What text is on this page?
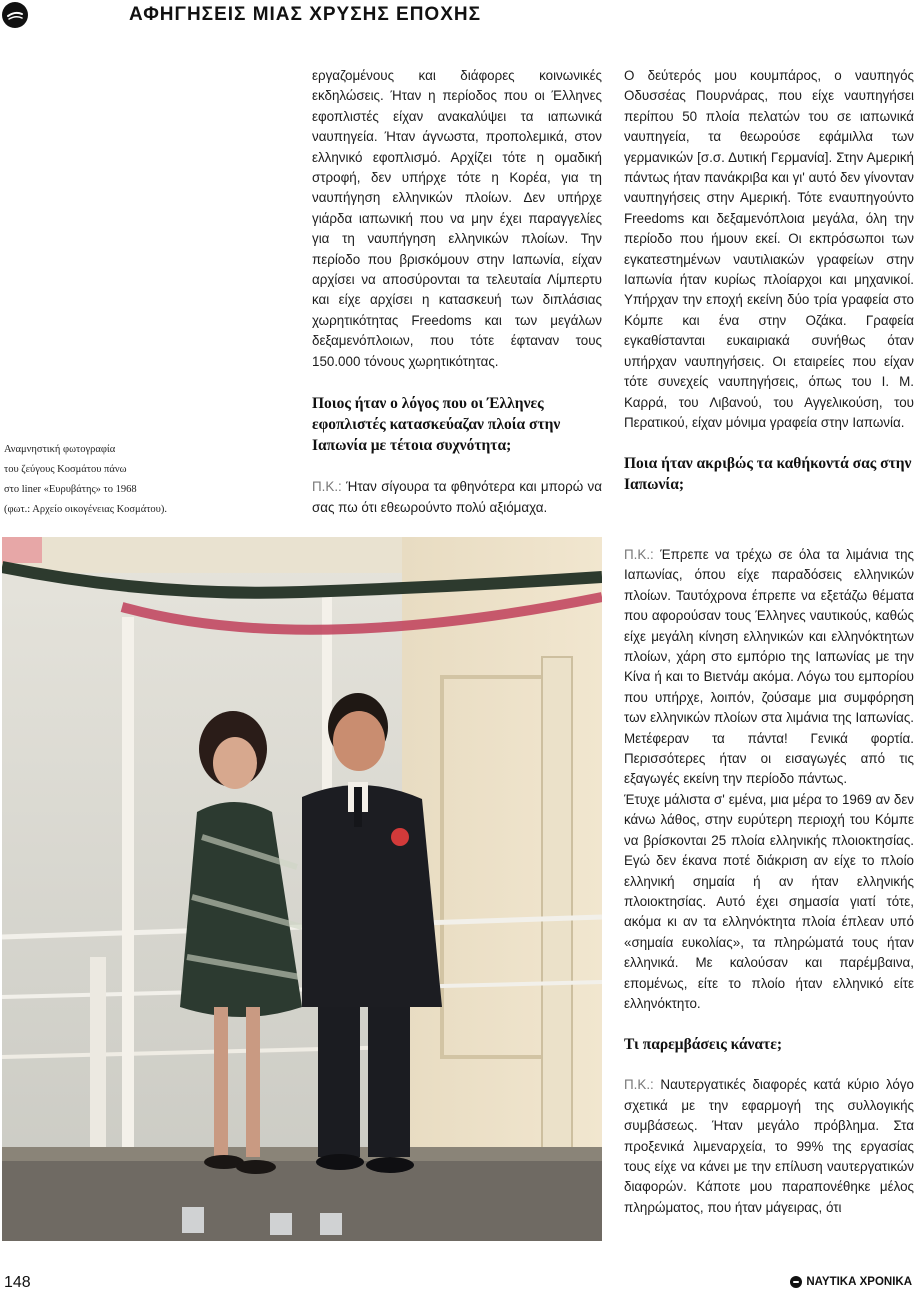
ΑΦΗΓΗΣΕΙΣ ΜΙΑΣ ΧΡΥΣΗΣ ΕΠΟΧΗΣ
Αναμνηστική φωτογραφία
του ζεύγους Κοσμάτου πάνω
στο liner «Ευρυβάτης» το 1968
(φωτ.: Αρχείο οικογένειας Κοσμάτου).

εργαζομένους και διάφορες κοινωνικές εκδηλώσεις. Ήταν η περίοδος που οι Έλληνες εφοπλιστές είχαν ανακαλύψει τα ιαπωνικά ναυπηγεία. Ήταν άγνωστα, προπολεμικά, στον ελληνικό εφοπλισμό. Αρχίζει τότε η ομαδική στροφή, δεν υπήρχε τότε η Κορέα, για τη ναυπήγηση ελληνικών πλοίων. Δεν υπήρχε γιάρδα ιαπωνική που να μην έχει παραγγελίες για τη ναυπήγηση ελληνικών πλοίων. Την περίοδο που βρισκόμουν στην Ιαπωνία, είχαν αρχίσει να αποσύρονται τα τελευταία Λίμπερτυ και είχε αρχίσει η κατασκευή των διπλάσιας χωρητικότητας Freedoms και των μεγάλων δεξαμενόπλοιων, που τότε έφταναν τους 150.000 τόνους χωρητικότητας.

Ποιος ήταν ο λόγος που οι Έλληνες εφοπλιστές κατασκεύαζαν πλοία στην Ιαπωνία με τέτοια συχνότητα;

Π.Κ.: Ήταν σίγουρα τα φθηνότερα και μπορώ να σας πω ότι εθεωρούντο πολύ αξιόμαχα.

Ο δεύτερός μου κουμπάρος, ο ναυπηγός Οδυσσέας Πουρνάρας, που είχε ναυπηγήσει περίπου 50 πλοία πελατών του σε ιαπωνικά ναυπηγεία, τα θεωρούσε εφάμιλλα των γερμανικών [σ.σ. Δυτική Γερμανία]. Στην Αμερική πάντως ήταν πανάκριβα και γι' αυτό δεν γίνονταν ναυπηγήσεις στην Αμερική. Τότε εναυπηγούντο Freedoms και δεξαμενόπλοια μεγάλα, όλη την περίοδο που ήμουν εκεί. Οι εκπρόσωποι των εγκατεστημένων ναυτιλιακών γραφείων στην Ιαπωνία ήταν κυρίως πλοίαρχοι και μηχανικοί. Υπήρχαν την εποχή εκείνη δύο τρία γραφεία στο Κόμπε και ένα στην Οζάκα. Γραφεία εγκαθίστανται ευκαιριακά συνήθως όταν υπήρχαν ναυπηγήσεις. Οι εταιρείες που είχαν τότε συνεχείς ναυπηγήσεις, όπως του Ι. Μ. Καρρά, του Λιβανού, του Αγγελικούση, του Περατικού, είχαν μόνιμα γραφεία στην Ιαπωνία.

Ποια ήταν ακριβώς τα καθήκοντά σας στην Ιαπωνία;

Π.Κ.: Έπρεπε να τρέχω σε όλα τα λιμάνια της Ιαπωνίας, όπου είχε παραδόσεις ελληνικών πλοίων. Ταυτόχρονα έπρεπε να εξετάζω θέματα που αφορούσαν τους Έλληνες ναυτικούς, καθώς είχε μεγάλη κίνηση ελληνικών και ελληνόκτητων πλοίων, χάρη στο εμπόριο της Ιαπωνίας με την Κίνα ή και το Βιετνάμ ακόμα. Λόγω του εμπορίου που υπήρχε, λοιπόν, ζούσαμε μια συμφόρηση των ελληνικών πλοίων στα λιμάνια της Ιαπωνίας. Μετέφεραν τα πάντα! Γενικά φορτία. Περισσότερες ήταν οι εισαγωγές από τις εξαγωγές εκείνη την περίοδο πάντως.

Έτυχε μάλιστα σ' εμένα, μια μέρα το 1969 αν δεν κάνω λάθος, στην ευρύτερη περιοχή του Κόμπε να βρίσκονται 25 πλοία ελληνικής πλοιοκτησίας. Εγώ δεν έκανα ποτέ διάκριση αν είχε το πλοίο ελληνική σημαία ή αν ήταν ελληνικής πλοιοκτησίας. Αυτό έχει σημασία γιατί τότε, ακόμα κι αν τα ελληνόκτητα πλοία έπλεαν υπό «σημαία ευκολίας», τα πληρώματά τους ήταν ελληνικά. Με καλούσαν και παρέμβαινα, επομένως, είτε το πλοίο ήταν ελληνικό είτε ελληνόκτητο.

Τι παρεμβάσεις κάνατε;

Π.Κ.: Ναυτεργατικές διαφορές κατά κύριο λόγο σχετικά με την εφαρμογή της συλλογικής συμβάσεως. Ήταν μεγάλο πρόβλημα. Στα προξενικά λιμεναρχεία, το 99% της εργασίας τους είχε να κάνει με την επίλυση ναυτεργατικών διαφορών. Κάποτε μου παραπονέθηκε μέλος πληρώματος, που ήταν μάγειρας, ότι

148	ΝΑΥΤΙΚΑ ΧΡΟΝΙΚΑ
